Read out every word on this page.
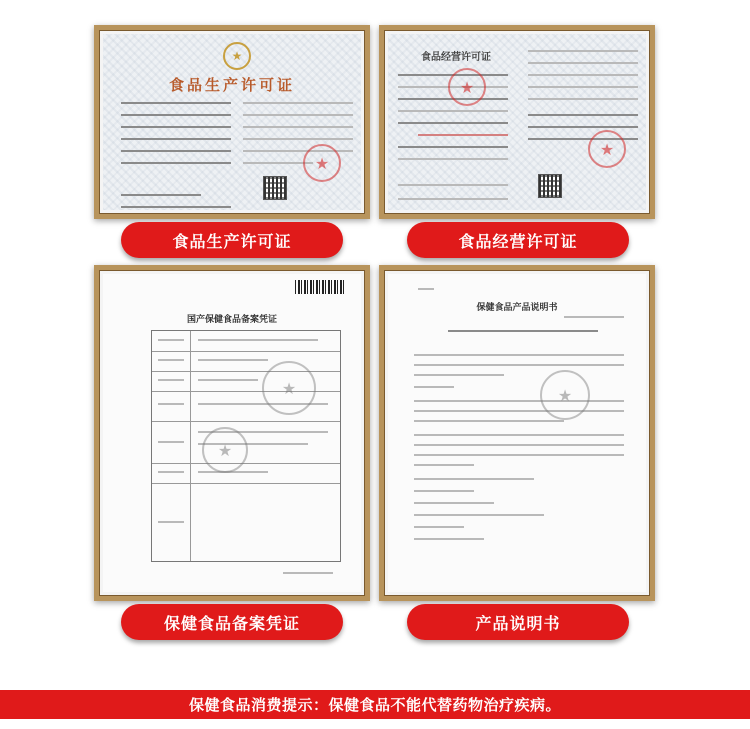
★
食品生产许可证
★
食品生产许可证
食品经营许可证
★
★
食品经营许可证
国产保健食品备案凭证
★
★
保健食品备案凭证
保健食品产品说明书
★
产品说明书
保健食品消费提示：保健食品不能代替药物治疗疾病。
